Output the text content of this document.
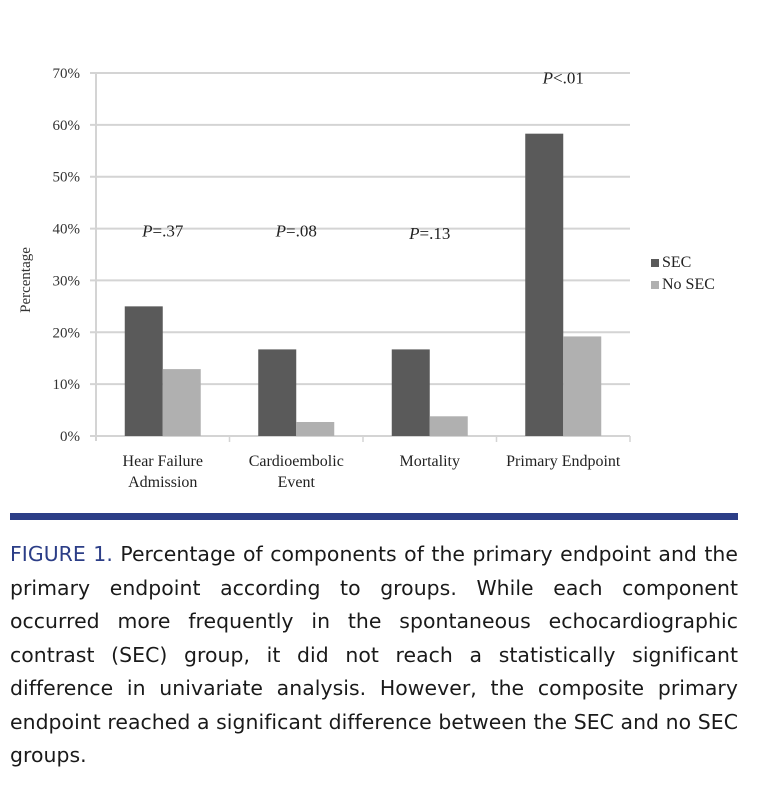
0%
10%
20%
30%
40%
50%
60%
70%
Percentage
Hear Failure
Admission
P=.37
Cardioembolic
Event
P=.08
Mortality
P=.13
Primary Endpoint
P<.01
SEC
No SEC
FIGURE 1. Percentage of components of the primary endpoint and the primary endpoint according to groups. While each component occurred more frequently in the spontaneous echocardiographic contrast (SEC) group, it did not reach a statistically significant difference in univariate analysis. However, the composite primary endpoint reached a significant difference between the SEC and no SEC groups.
